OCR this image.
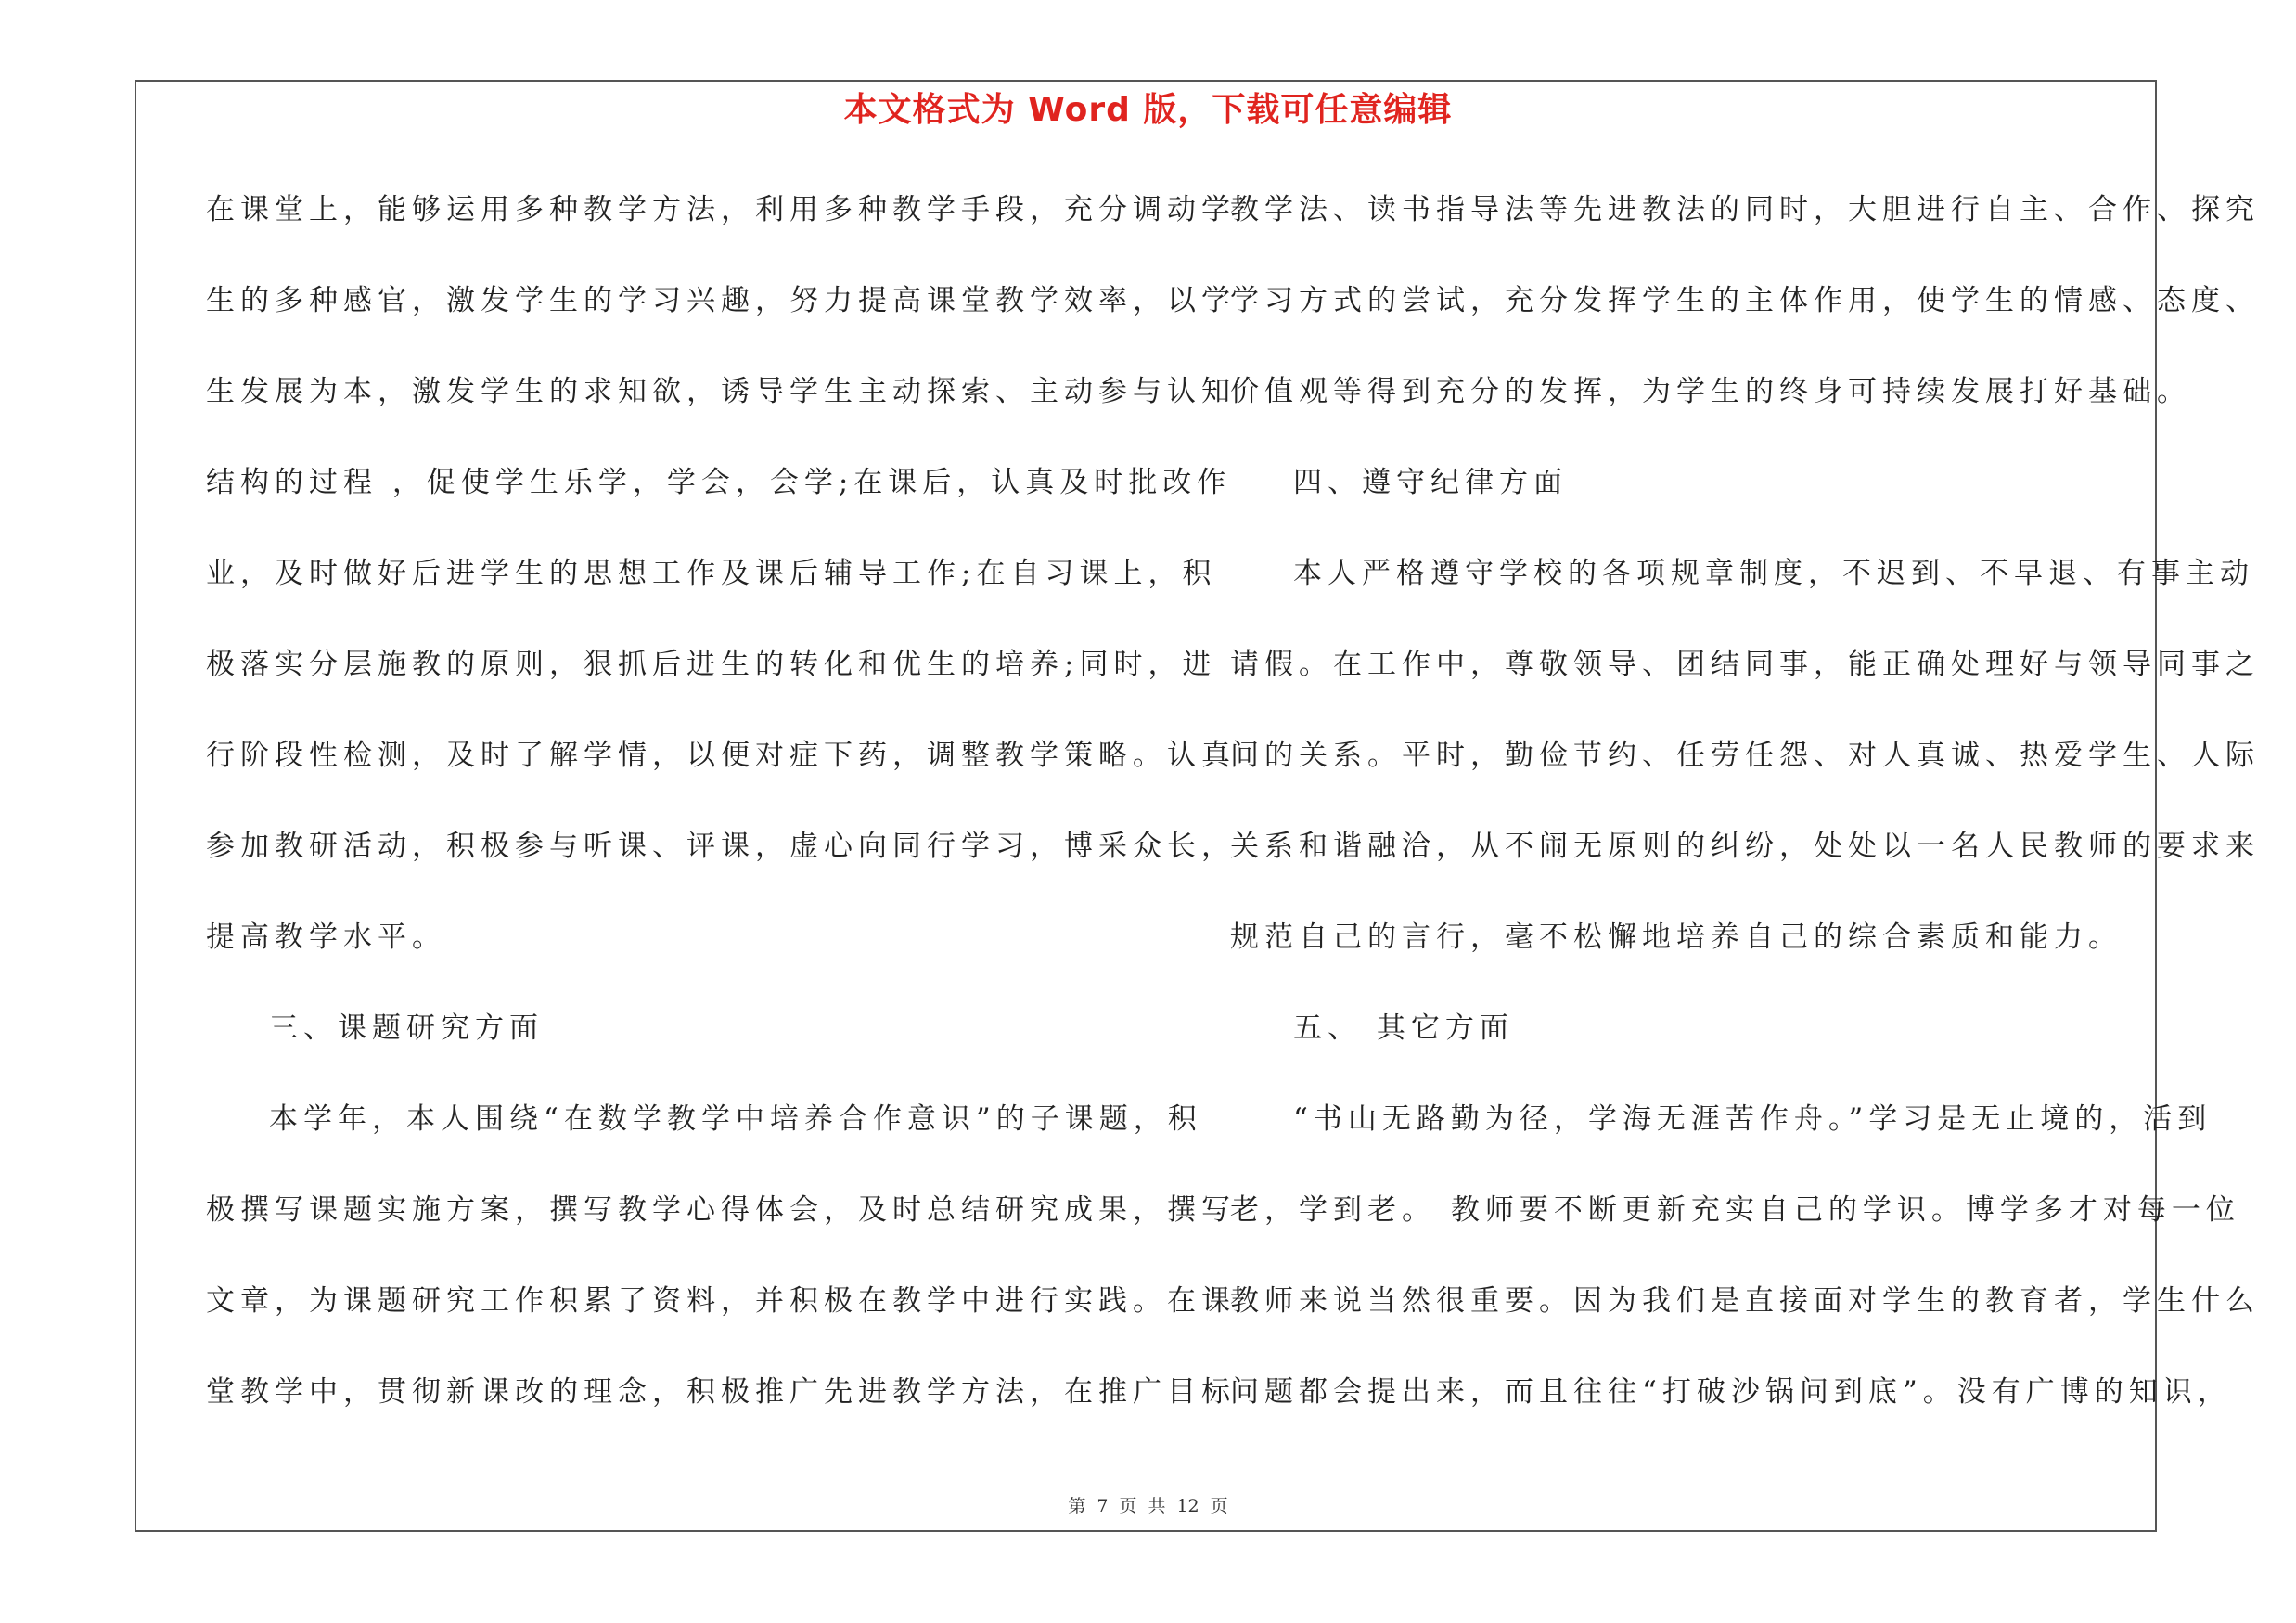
本文格式为 Word 版，下载可任意编辑
在课堂上，能够运用多种教学方法，利用多种教学手段，充分调动学
生的多种感官，激发学生的学习兴趣，努力提高课堂教学效率，以学
生发展为本，激发学生的求知欲，诱导学生主动探索、主动参与认知
结构的过程 ，促使学生乐学，学会，会学;在课后，认真及时批改作
业，及时做好后进学生的思想工作及课后辅导工作;在自习课上，积
极落实分层施教的原则，狠抓后进生的转化和优生的培养;同时，进
行阶段性检测，及时了解学情，以便对症下药，调整教学策略。认真
参加教研活动，积极参与听课、评课，虚心向同行学习，博采众长，
提高教学水平。
三、课题研究方面
本学年，本人围绕“在数学教学中培养合作意识”的子课题，积
极撰写课题实施方案，撰写教学心得体会，及时总结研究成果，撰写
文章，为课题研究工作积累了资料，并积极在教学中进行实践。在课
堂教学中，贯彻新课改的理念，积极推广先进教学方法，在推广目标
教学法、读书指导法等先进教法的同时，大胆进行自主、合作、探究
学习方式的尝试，充分发挥学生的主体作用，使学生的情感、态度、
价值观等得到充分的发挥，为学生的终身可持续发展打好基础。
四、遵守纪律方面
本人严格遵守学校的各项规章制度，不迟到、不早退、有事主动
请假。在工作中，尊敬领导、团结同事，能正确处理好与领导同事之
间的关系。平时，勤俭节约、任劳任怨、对人真诚、热爱学生、人际
关系和谐融洽，从不闹无原则的纠纷，处处以一名人民教师的要求来
规范自己的言行，毫不松懈地培养自己的综合素质和能力。
五、 其它方面
“书山无路勤为径，学海无涯苦作舟。”学习是无止境的，活到
老，学到老。 教师要不断更新充实自己的学识。博学多才对每一位
教师来说当然很重要。因为我们是直接面对学生的教育者，学生什么
问题都会提出来，而且往往“打破沙锅问到底”。没有广博的知识，
第 7 页 共 12 页
